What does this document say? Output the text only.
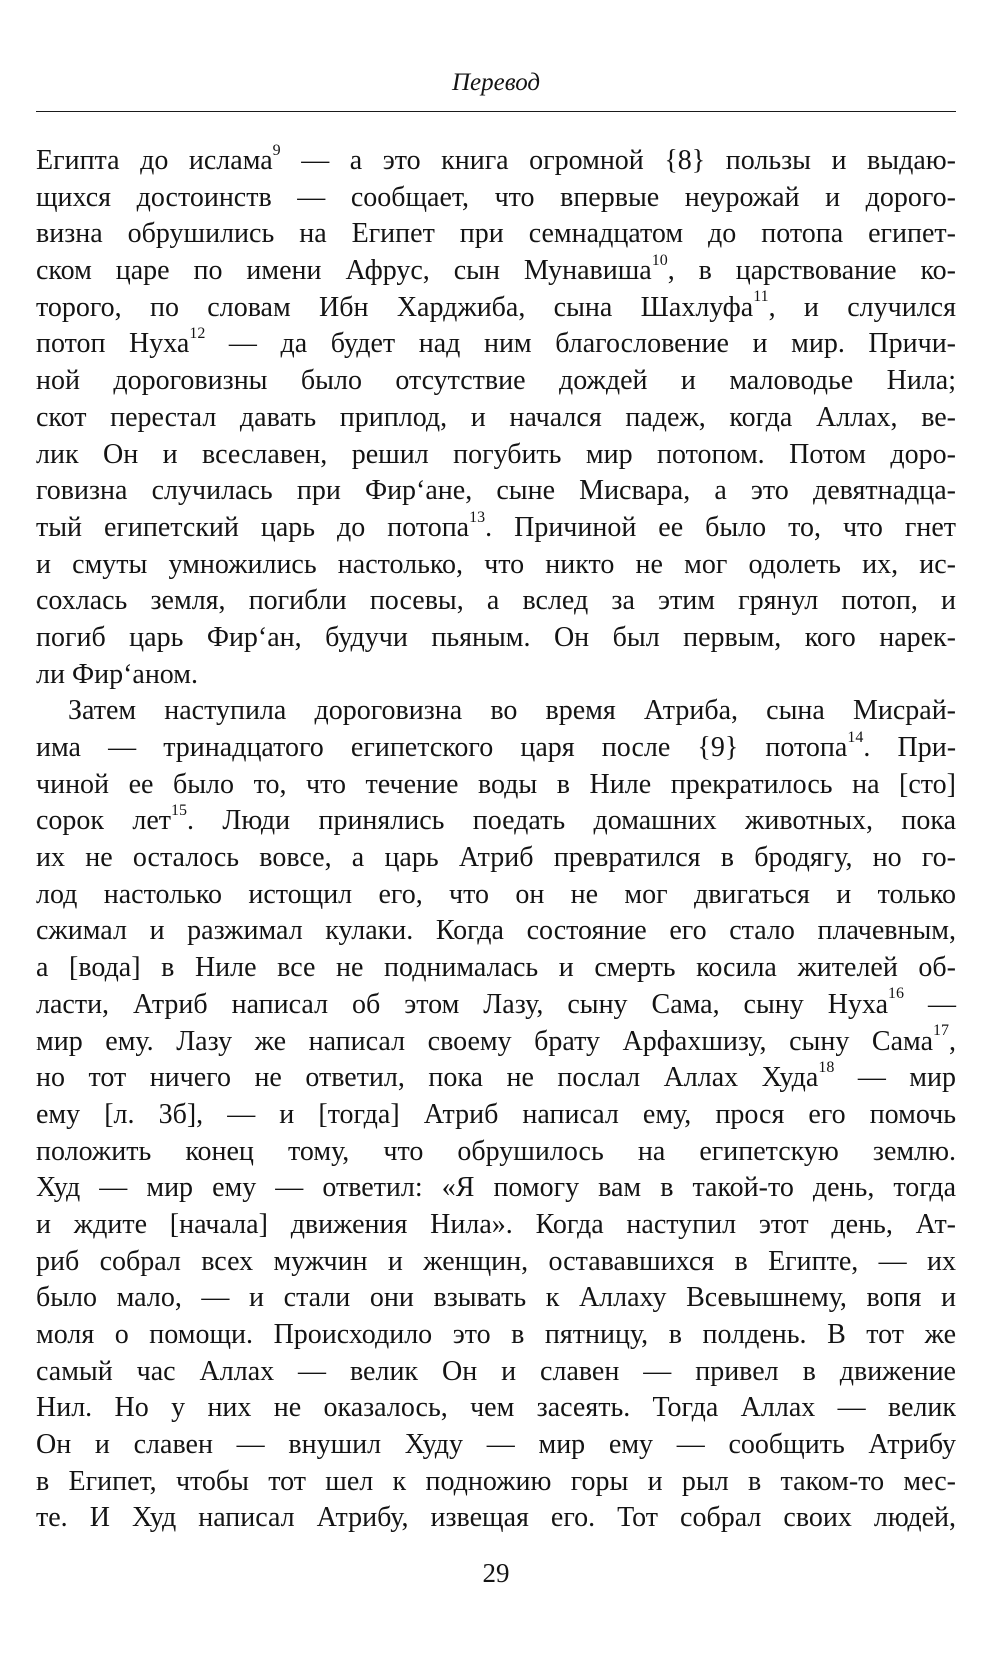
Перевод
Египта до ислама$^9$ — а это книга огромной {8} пользы и выдаю-
щихся достоинств — сообщает, что впервые неурожай и дорого-
визна обрушились на Египет при семнадцатом до потопа египет-
ском царе по имени Афрус, сын Мунавиша$^{10}$, в царствование ко-
торого, по словам Ибн Харджиба, сына Шахлуфа$^{11}$, и случился
потоп Нуха$^{12}$ — да будет над ним благословение и мир. Причи-
ной дороговизны было отсутствие дождей и маловодье Нила;
скот перестал давать приплод, и начался падеж, когда Аллах, ве-
лик Он и всеславен, решил погубить мир потопом. Потом доро-
говизна случилась при Фир‘ане, сыне Мисвара, а это девятнадца-
тый египетский царь до потопа$^{13}$. Причиной ее было то, что гнет
и смуты умножились настолько, что никто не мог одолеть их, ис-
сохлась земля, погибли посевы, а вслед за этим грянул потоп, и
погиб царь Фир‘ан, будучи пьяным. Он был первым, кого нарек-
ли Фир‘аном.
Затем наступила дороговизна во время Атриба, сына Мисрай-
има — тринадцатого египетского царя после {9} потопа$^{14}$. При-
чиной ее было то, что течение воды в Ниле прекратилось на [сто]
сорок лет$^{15}$. Люди принялись поедать домашних животных, пока
их не осталось вовсе, а царь Атриб превратился в бродягу, но го-
лод настолько истощил его, что он не мог двигаться и только
сжимал и разжимал кулаки. Когда состояние его стало плачевным,
а [вода] в Ниле все не поднималась и смерть косила жителей об-
ласти, Атриб написал об этом Лазу, сыну Сама, сыну Нуха$^{16}$ —
мир ему. Лазу же написал своему брату Арфахшизу, сыну Сама$^{17}$,
но тот ничего не ответил, пока не послал Аллах Худа$^{18}$ — мир
ему [л. 3б], — и [тогда] Атриб написал ему, прося его помочь
положить конец тому, что обрушилось на египетскую землю.
Худ — мир ему — ответил: «Я помогу вам в такой-то день, тогда
и ждите [начала] движения Нила». Когда наступил этот день, Ат-
риб собрал всех мужчин и женщин, остававшихся в Египте, — их
было мало, — и стали они взывать к Аллаху Всевышнему, вопя и
моля о помощи. Происходило это в пятницу, в полдень. В тот же
самый час Аллах — велик Он и славен — привел в движение
Нил. Но у них не оказалось, чем засеять. Тогда Аллах — велик
Он и славен — внушил Худу — мир ему — сообщить Атрибу
в Египет, чтобы тот шел к подножию горы и рыл в таком-то мес-
те. И Худ написал Атрибу, извещая его. Тот собрал своих людей,
29
